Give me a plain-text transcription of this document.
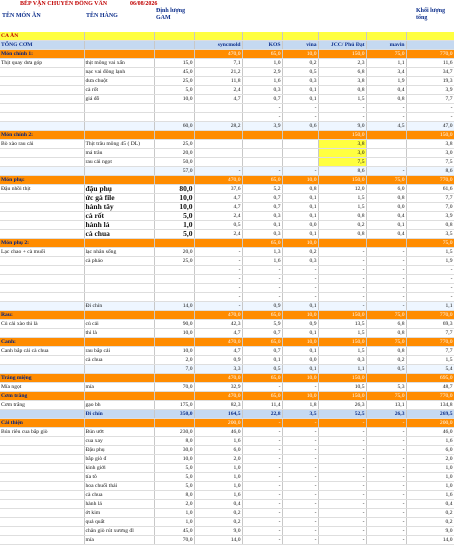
BẾP VẬN CHUYỂN ĐÔNG VÂN	06/08/2026
TÊN MÓN ĂN	TÊN HÀNG
Định lượng GAM
Khối lượng tổng
CA ĂN								
TỔNG CƠM			syncmold	KOS	vina	JCC/ Phú Đạt	mavin	
Món chính 1:			470,0	65,0	10,0	150,0	75,0	770,0
Thịt quay dưa góp	thịt mông vai xấn	15,0	7,1	1,0	0,2	2,3	1,1	11,6
	nạc vai đông lạnh	45,0	21,2	2,9	0,5	6,8	3,4	34,7
	dưa chuột	25,0	11,8	1,6	0,3	3,8	1,9	19,3
	cà rốt	5,0	2,4	0,3	0,1	0,8	0,4	3,9
	giá đỗ	10,0	4,7	0,7	0,1	1,5	0,8	7,7
				-	-	-	-	-
				-	-	-	-	-
		60,0	28,2	3,9	0,6	9,0	4,5	47,0
Món chính 2:						150,0		150,0
Bò xào rau cải	Thịt trâu mông 45 ( DL)	25,0				3,8		3,8
	má trâu	20,0				3,0		3,0
	rau cải ngọt	50,0				7,5		7,5
		57,0	-	-	-	8,6	-	8,6
Món phụ:			470,0	65,0	10,0	150,0	75,0	770,0
Đậu nhồi thịt	đậu phụ	80,0	37,6	5,2	0,8	12,0	6,0	61,6
	ức gà file	10,0	4,7	0,7	0,1	1,5	0,8	7,7
	hành tây	10,0	4,7	0,7	0,1	1,5	0,0	7,0
	cà rốt	5,0	2,4	0,3	0,1	0,8	0,4	3,9
	hành lá	1,0	0,5	0,1	0,0	0,2	0,1	0,8
	cà chua	5,0	2,4	0,3	0,1	0,8	0,4	3,5
Món phụ 2:				65,0	10,0			75,0
Lạc chao + cà muối	lạc nhân sống	20,0	-	1,3	0,2	-	-	1,5
	cà pháo	25,0	-	1,6	0,3	-	-	1,9
			-	-	-	-	-	-
			-	-	-	-	-	-
			-	-	-	-	-	-
			-	-	-	-	-	-
	Đi chín	14,0	-	0,9	0,1	-	-	1,1
Rau:			470,0	65,0	10,0	150,0	75,0	770,0
Củ cải xào thì là	củ cải	90,0	42,3	5,9	0,9	13,5	6,8	69,3
	thì là	10,0	4,7	0,7	0,1	1,5	0,8	7,7
Canh:			470,0	65,0	10,0	150,0	75,0	770,0
Canh bắp cải cà chua	rau bắp cải	10,0	4,7	0,7	0,1	1,5	0,8	7,7
	cà chua	2,0	0,9	0,1	0,0	0,3	0,2	1,5
		7,0	3,3	0,5	0,1	1,1	0,5	5,4
Tráng miệng			470,0	65,0	10,0	150,0		695,0
Mía ngọt	mía	70,0	32,9	-	-	10,5	5,3	48,7
Cơm trắng			470,0	65,0	10,0	150,0	75,0	770,0
Cơm trắng	gạo bh	175,0	82,3	11,4	1,8	26,3	13,1	134,8
	Đi chín	350,0	164,5	22,8	3,5	52,5	26,3	269,5
Cải thiện			200,0	-	-	-	-	200,0
Bún riêu cua bắp giò	Bún ướt	230,0	46,0	-	-	-	-	46,0
	cua xay	8,0	1,6	-	-	-	-	1,6
	Đậu phụ	30,0	6,0	-	-	-	-	6,0
	bắp giò đ	10,0	2,0	-	-	-	-	2,0
	kinh giới	5,0	1,0	-	-	-	-	1,0
	tía tô	5,0	1,0	-	-	-	-	1,0
	hoa chuối thái	5,0	1,0	-	-	-	-	1,0
	cà chua	8,0	1,6	-	-	-	-	1,6
	hành lá	2,0	0,4	-	-	-	-	0,4
	ớt kim	1,0	0,2	-	-	-	-	0,2
	quả quất	1,0	0,2	-	-	-	-	0,2
	chân giò rút xương đl	45,0	9,0	-	-	-	-	9,0
	mía	70,0	14,0	-	-	-	-	14,0
